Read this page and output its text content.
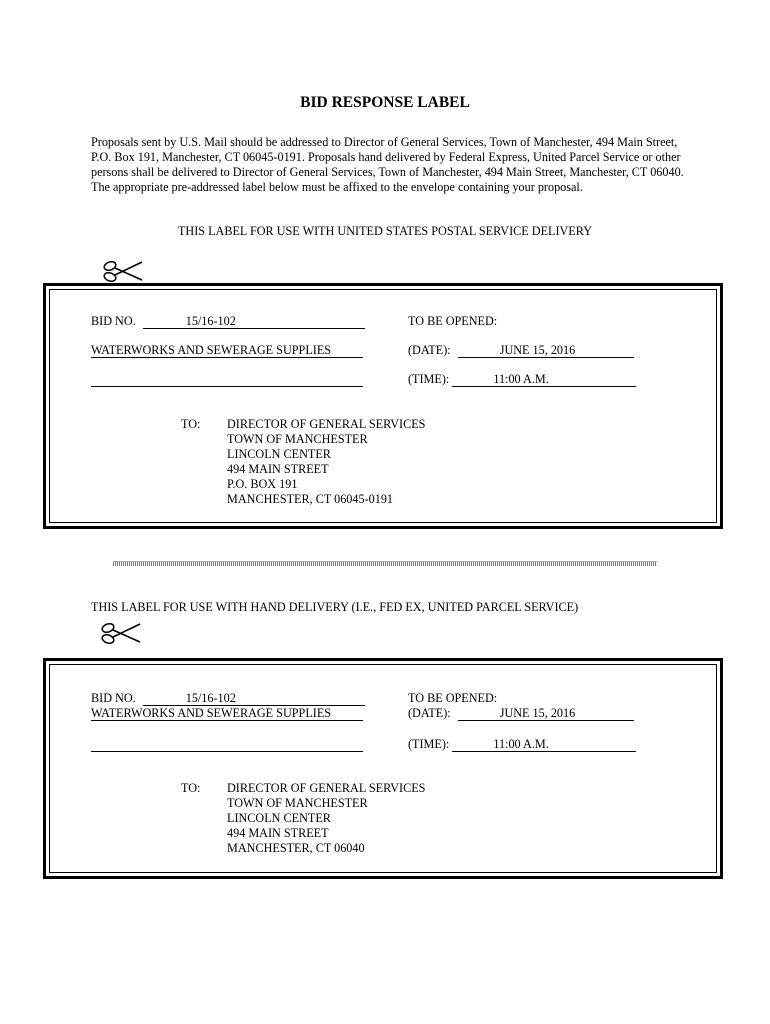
BID RESPONSE LABEL
Proposals sent by U.S. Mail should be addressed to Director of General Services, Town of Manchester, 494 Main Street, P.O. Box 191, Manchester, CT 06045-0191. Proposals hand delivered by Federal Express, United Parcel Service or other persons shall be delivered to Director of General Services, Town of Manchester, 494 Main Street, Manchester, CT 06040. The appropriate pre-addressed label below must be affixed to the envelope containing your proposal.
THIS LABEL FOR USE WITH UNITED STATES POSTAL SERVICE DELIVERY
BID NO.	15/16-102	TO BE OPENED:
WATERWORKS AND SEWERAGE SUPPLIES	(DATE):	JUNE 15, 2016
(TIME):	11:00 A.M.
TO: DIRECTOR OF GENERAL SERVICES
TOWN OF MANCHESTER
LINCOLN CENTER
494 MAIN STREET
P.O. BOX 191
MANCHESTER, CT 06045-0191
THIS LABEL FOR USE WITH HAND DELIVERY (I.E., FED EX, UNITED PARCEL SERVICE)
BID NO.	15/16-102	TO BE OPENED:
WATERWORKS AND SEWERAGE SUPPLIES	(DATE):	JUNE 15, 2016
(TIME):	11:00 A.M.
TO: DIRECTOR OF GENERAL SERVICES
TOWN OF MANCHESTER
LINCOLN CENTER
494 MAIN STREET
MANCHESTER, CT 06040
